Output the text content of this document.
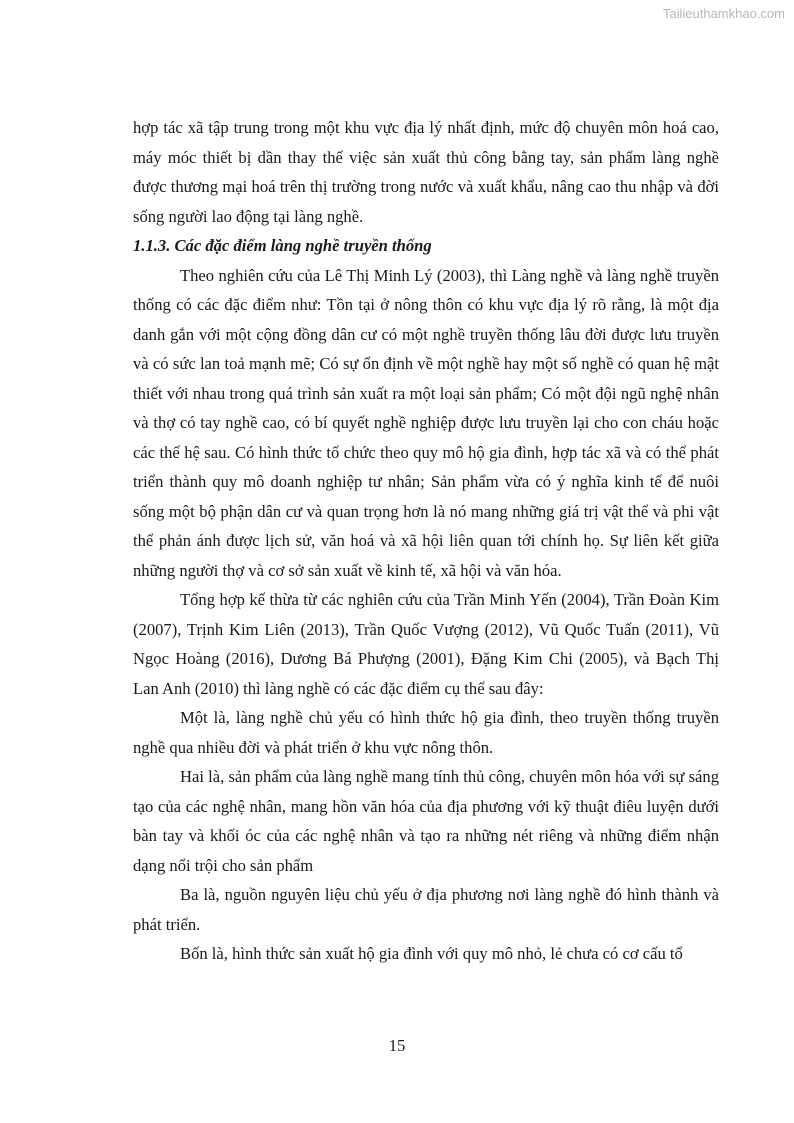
Tailieuthamkhao.com

hợp tác xã tập trung trong một khu vực địa lý nhất định, mức độ chuyên môn hoá cao, máy móc thiết bị dần thay thế việc sản xuất thủ công bằng tay, sản phẩm làng nghề được thương mại hoá trên thị trường trong nước và xuất khẩu, nâng cao thu nhập và đời sống người lao động tại làng nghề.

1.1.3. Các đặc điểm làng nghề truyền thống

Theo nghiên cứu của Lê Thị Minh Lý (2003), thì Làng nghề và làng nghề truyền thống có các đặc điểm như: Tồn tại ở nông thôn có khu vực địa lý rõ rằng, là một địa danh gắn với một cộng đồng dân cư có một nghề truyền thống lâu đời được lưu truyền và có sức lan toả mạnh mẽ; Có sự ổn định về một nghề hay một số nghề có quan hệ mật thiết với nhau trong quá trình sản xuất ra một loại sản phẩm; Có một đội ngũ nghệ nhân và thợ có tay nghề cao, có bí quyết nghề nghiệp được lưu truyền lại cho con cháu hoặc các thế hệ sau. Có hình thức tổ chức theo quy mô hộ gia đình, hợp tác xã và có thể phát triển thành quy mô doanh nghiệp tư nhân; Sản phẩm vừa có ý nghĩa kinh tế để nuôi sống một bộ phận dân cư và quan trọng hơn là nó mang những giá trị vật thể và phi vật thể phản ánh được lịch sử, văn hoá và xã hội liên quan tới chính họ. Sự liên kết giữa những người thợ và cơ sở sản xuất về kinh tế, xã hội và văn hóa.

Tổng hợp kế thừa từ các nghiên cứu của Trần Minh Yến (2004), Trần Đoàn Kim (2007), Trịnh Kim Liên (2013), Trần Quốc Vượng (2012), Vũ Quốc Tuấn (2011), Vũ Ngọc Hoàng (2016), Dương Bá Phượng (2001), Đặng Kim Chi (2005), và Bạch Thị Lan Anh (2010) thì làng nghề có các đặc điểm cụ thể sau đây:

Một là, làng nghề chủ yếu có hình thức hộ gia đình, theo truyền thống truyền nghề qua nhiều đời và phát triển ở khu vực nông thôn.

Hai là, sản phẩm của làng nghề mang tính thủ công, chuyên môn hóa với sự sáng tạo của các nghệ nhân, mang hồn văn hóa của địa phương với kỹ thuật điêu luyện dưới bàn tay và khối óc của các nghệ nhân và tạo ra những nét riêng và những điểm nhận dạng nổi trội cho sản phẩm

Ba là, nguồn nguyên liệu chủ yếu ở địa phương nơi làng nghề đó hình thành và phát triển.

Bốn là, hình thức sản xuất hộ gia đình với quy mô nhỏ, lẻ chưa có cơ cấu tổ

15
